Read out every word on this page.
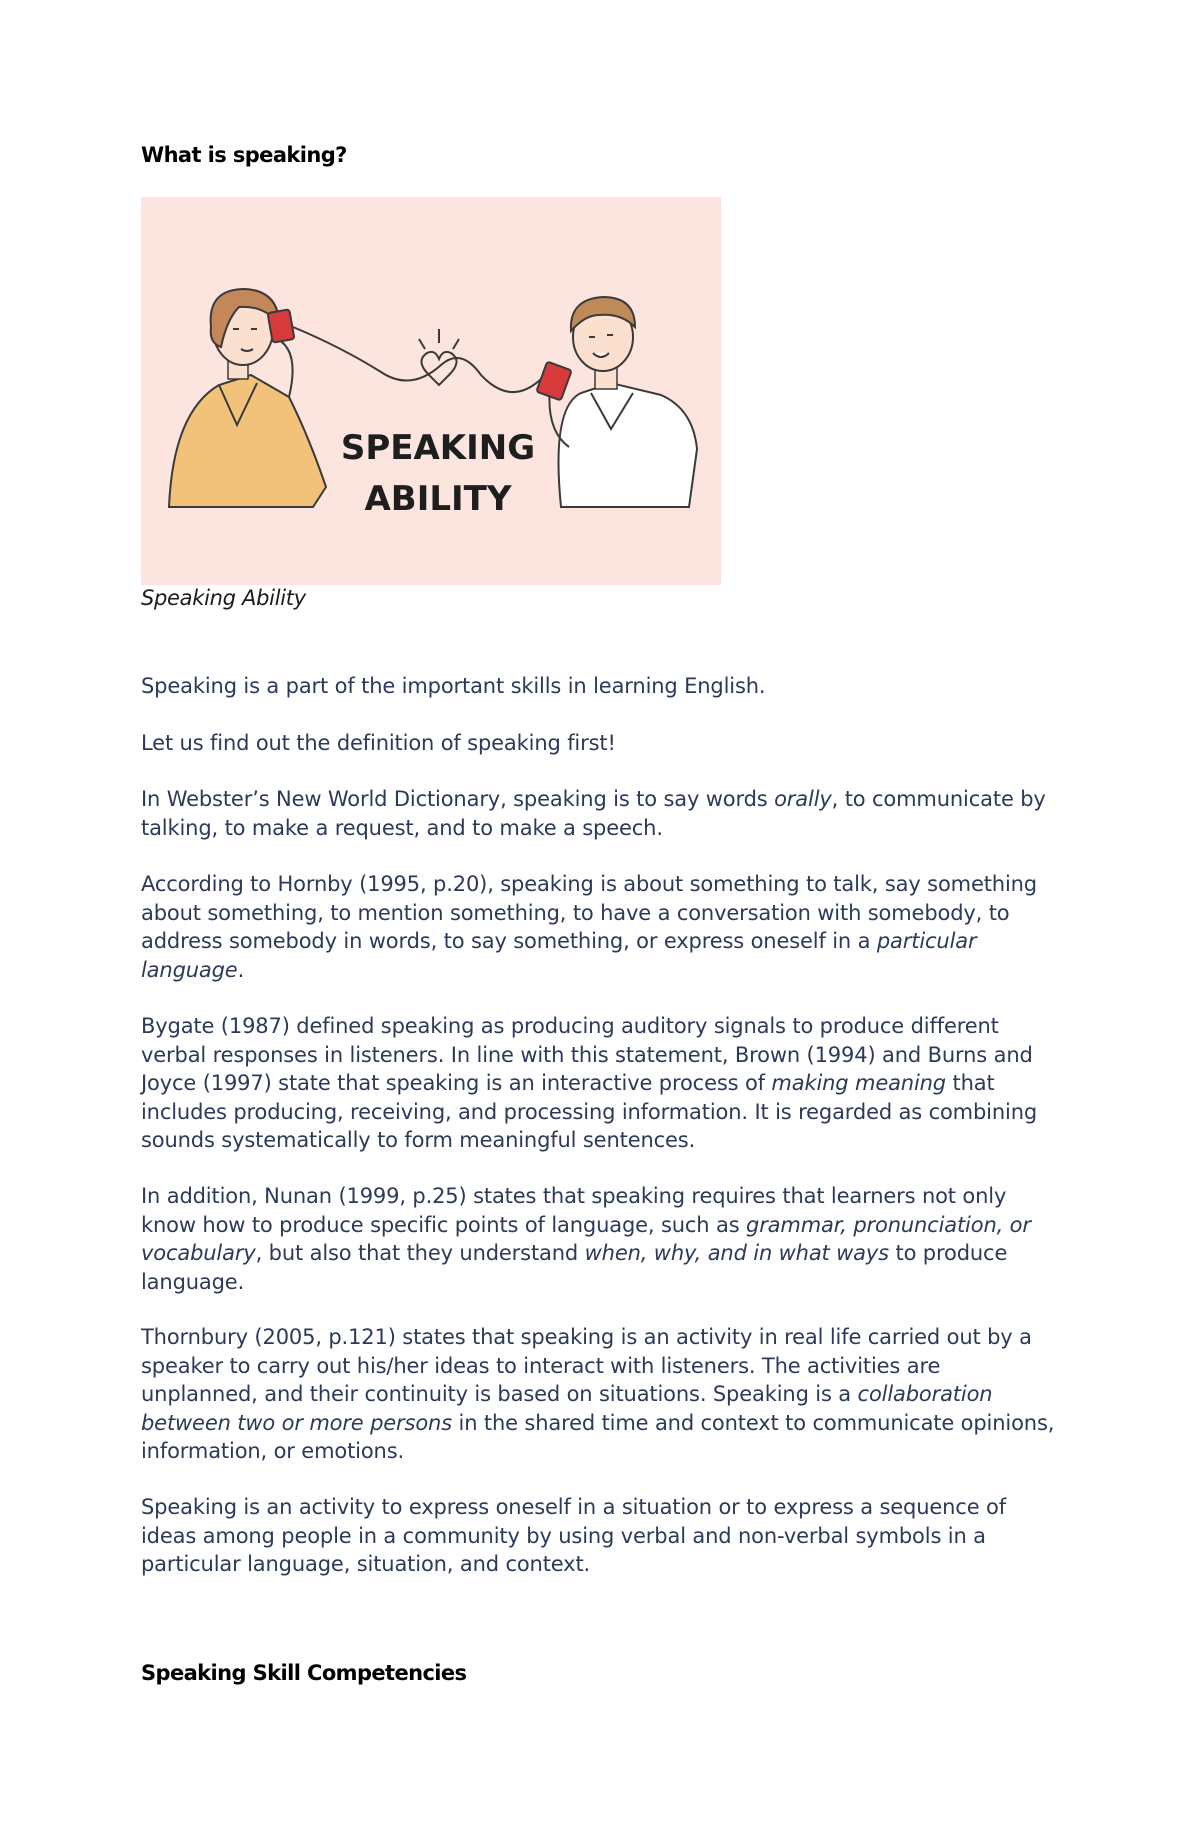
What is speaking?
SPEAKING
ABILITY
Speaking Ability

Speaking is a part of the important skills in learning English.

Let us find out the definition of speaking first!

In Webster’s New World Dictionary, speaking is to say words orally, to communicate by talking, to make a request, and to make a speech.

According to Hornby (1995, p.20), speaking is about something to talk, say something about something, to mention something, to have a conversation with somebody, to address somebody in words, to say something, or express oneself in a particular language.

Bygate (1987) defined speaking as producing auditory signals to produce different verbal responses in listeners. In line with this statement, Brown (1994) and Burns and Joyce (1997) state that speaking is an interactive process of making meaning that includes producing, receiving, and processing information. It is regarded as combining sounds systematically to form meaningful sentences.

In addition, Nunan (1999, p.25) states that speaking requires that learners not only know how to produce specific points of language, such as grammar, pronunciation, or vocabulary, but also that they understand when, why, and in what ways to produce language.

Thornbury (2005, p.121) states that speaking is an activity in real life carried out by a speaker to carry out his/her ideas to interact with listeners. The activities are unplanned, and their continuity is based on situations. Speaking is a collaboration between two or more persons in the shared time and context to communicate opinions, information, or emotions.

Speaking is an activity to express oneself in a situation or to express a sequence of ideas among people in a community by using verbal and non-verbal symbols in a particular language, situation, and context.

Speaking Skill Competencies
